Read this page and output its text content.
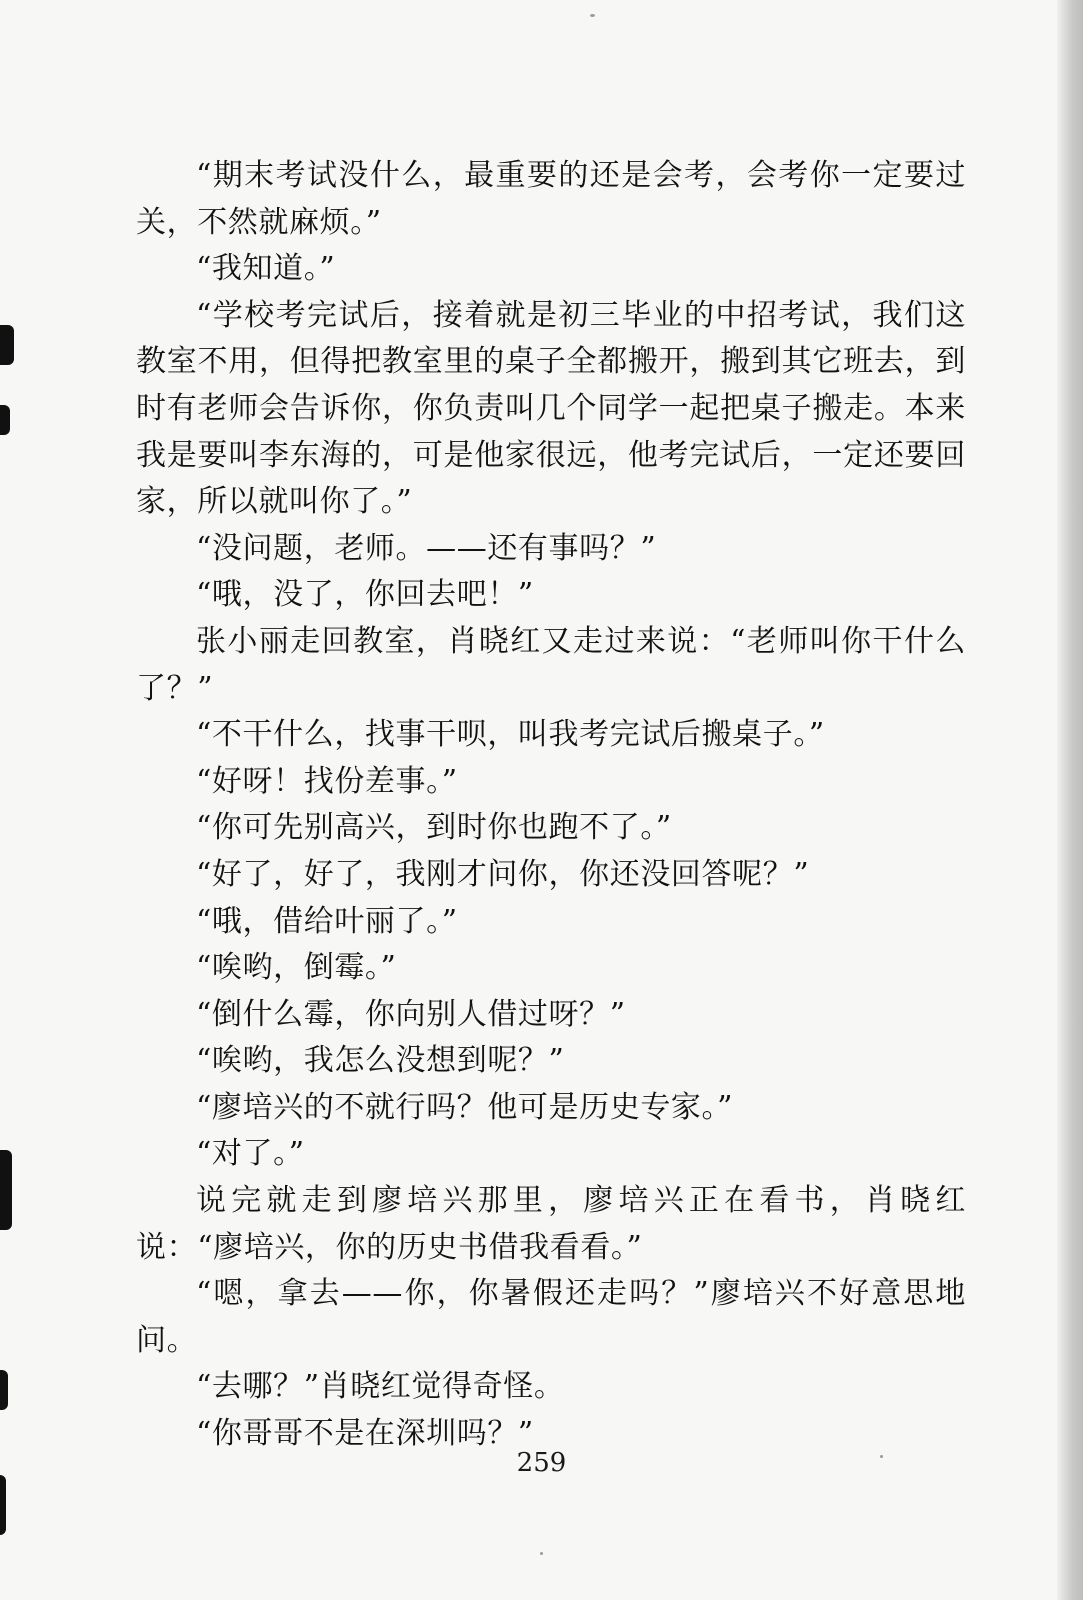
“期末考试没什么，最重要的还是会考，会考你一定要过关，不然就麻烦。”

“我知道。”

“学校考完试后，接着就是初三毕业的中招考试，我们这教室不用，但得把教室里的桌子全都搬开，搬到其它班去，到时有老师会告诉你，你负责叫几个同学一起把桌子搬走。本来我是要叫李东海的，可是他家很远，他考完试后，一定还要回家，所以就叫你了。”

“没问题，老师。——还有事吗？”

“哦，没了，你回去吧！”

张小丽走回教室，肖晓红又走过来说：“老师叫你干什么了？”

“不干什么，找事干呗，叫我考完试后搬桌子。”

“好呀！找份差事。”

“你可先别高兴，到时你也跑不了。”

“好了，好了，我刚才问你，你还没回答呢？”

“哦，借给叶丽了。”

“唉哟，倒霉。”

“倒什么霉，你向别人借过呀？”

“唉哟，我怎么没想到呢？”

“廖培兴的不就行吗？他可是历史专家。”

“对了。”

说完就走到廖培兴那里，廖培兴正在看书，肖晓红说：“廖培兴，你的历史书借我看看。”

“嗯，拿去——你，你暑假还走吗？”廖培兴不好意思地问。

“去哪？”肖晓红觉得奇怪。

“你哥哥不是在深圳吗？”

259
